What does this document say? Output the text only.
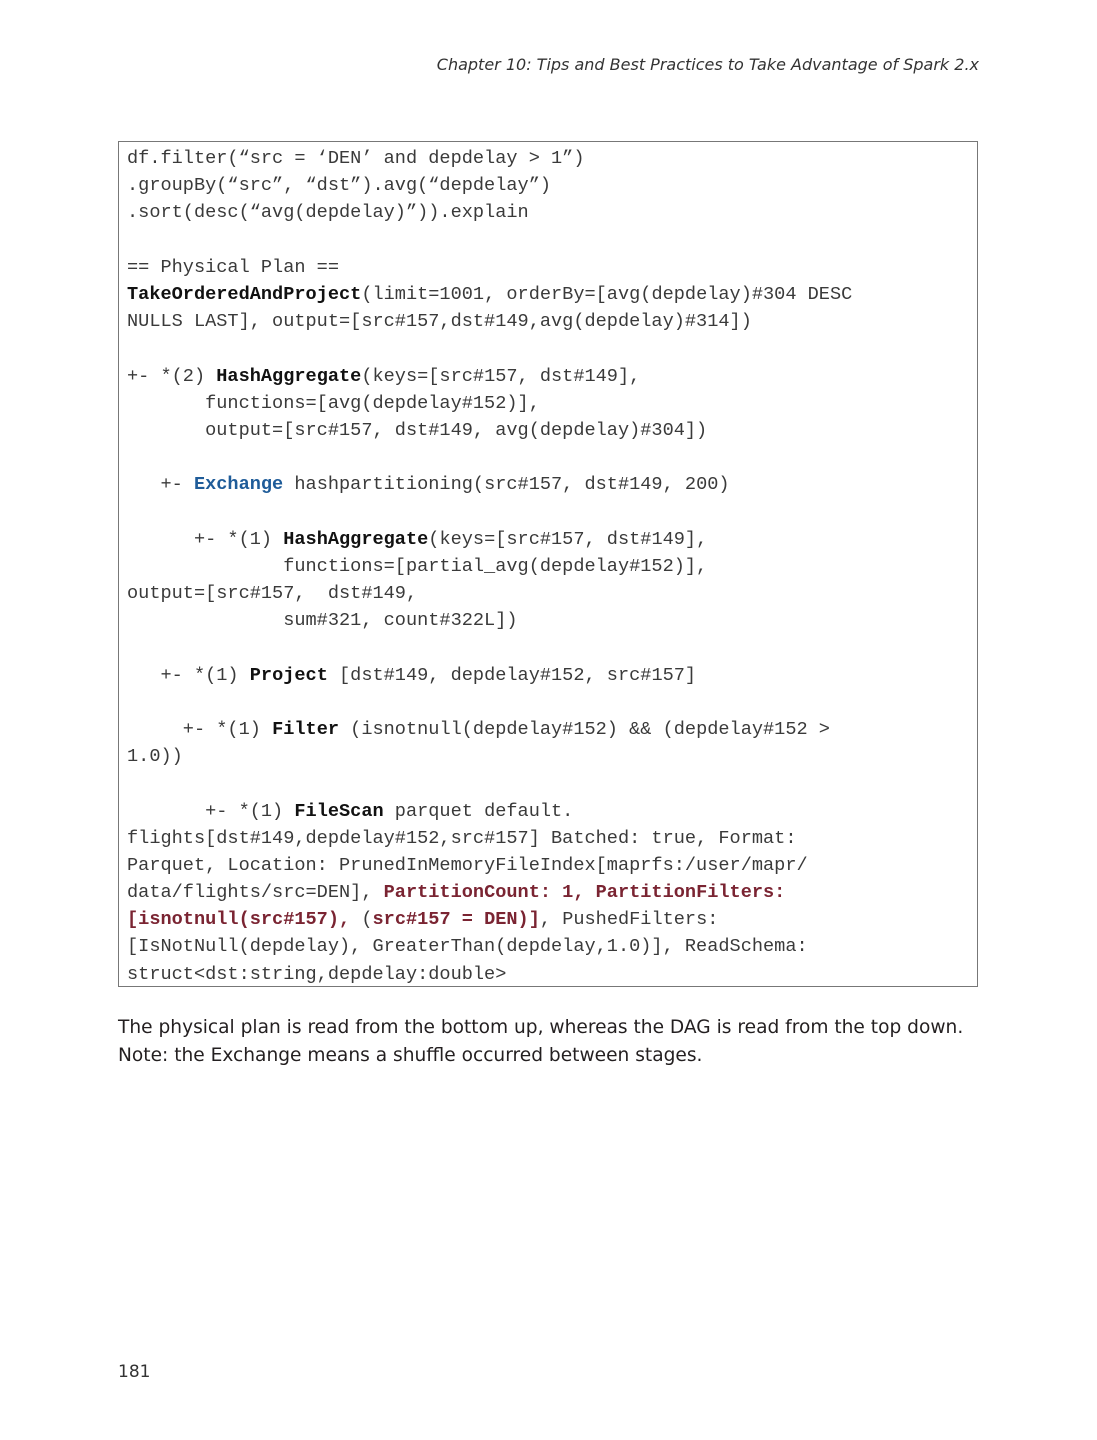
Chapter 10: Tips and Best Practices to Take Advantage of Spark 2.x
df.filter(“src = ‘DEN’ and depdelay > 1”)
.groupBy(“src”, “dst”).avg(“depdelay”)
.sort(desc(“avg(depdelay)”)).explain
== Physical Plan ==
TakeOrderedAndProject(limit=1001, orderBy=[avg(depdelay)#304 DESC
NULLS LAST], output=[src#157,dst#149,avg(depdelay)#314])
+- *(2) HashAggregate(keys=[src#157, dst#149],
functions=[avg(depdelay#152)],
output=[src#157, dst#149, avg(depdelay)#304])
+- Exchange hashpartitioning(src#157, dst#149, 200)
+- *(1) HashAggregate(keys=[src#157, dst#149],
functions=[partial_avg(depdelay#152)],
output=[src#157,  dst#149,
sum#321, count#322L])
+- *(1) Project [dst#149, depdelay#152, src#157]
+- *(1) Filter (isnotnull(depdelay#152) && (depdelay#152 >
1.0))
+- *(1) FileScan parquet default.
flights[dst#149,depdelay#152,src#157] Batched: true, Format:
Parquet, Location: PrunedInMemoryFileIndex[maprfs:/user/mapr/
data/flights/src=DEN], PartitionCount: 1, PartitionFilters:
[isnotnull(src#157), (src#157 = DEN)], PushedFilters:
[IsNotNull(depdelay), GreaterThan(depdelay,1.0)], ReadSchema:
struct<dst:string,depdelay:double>

The physical plan is read from the bottom up, whereas the DAG is read from the top down. Note: the Exchange means a shuffle occurred between stages.

181
